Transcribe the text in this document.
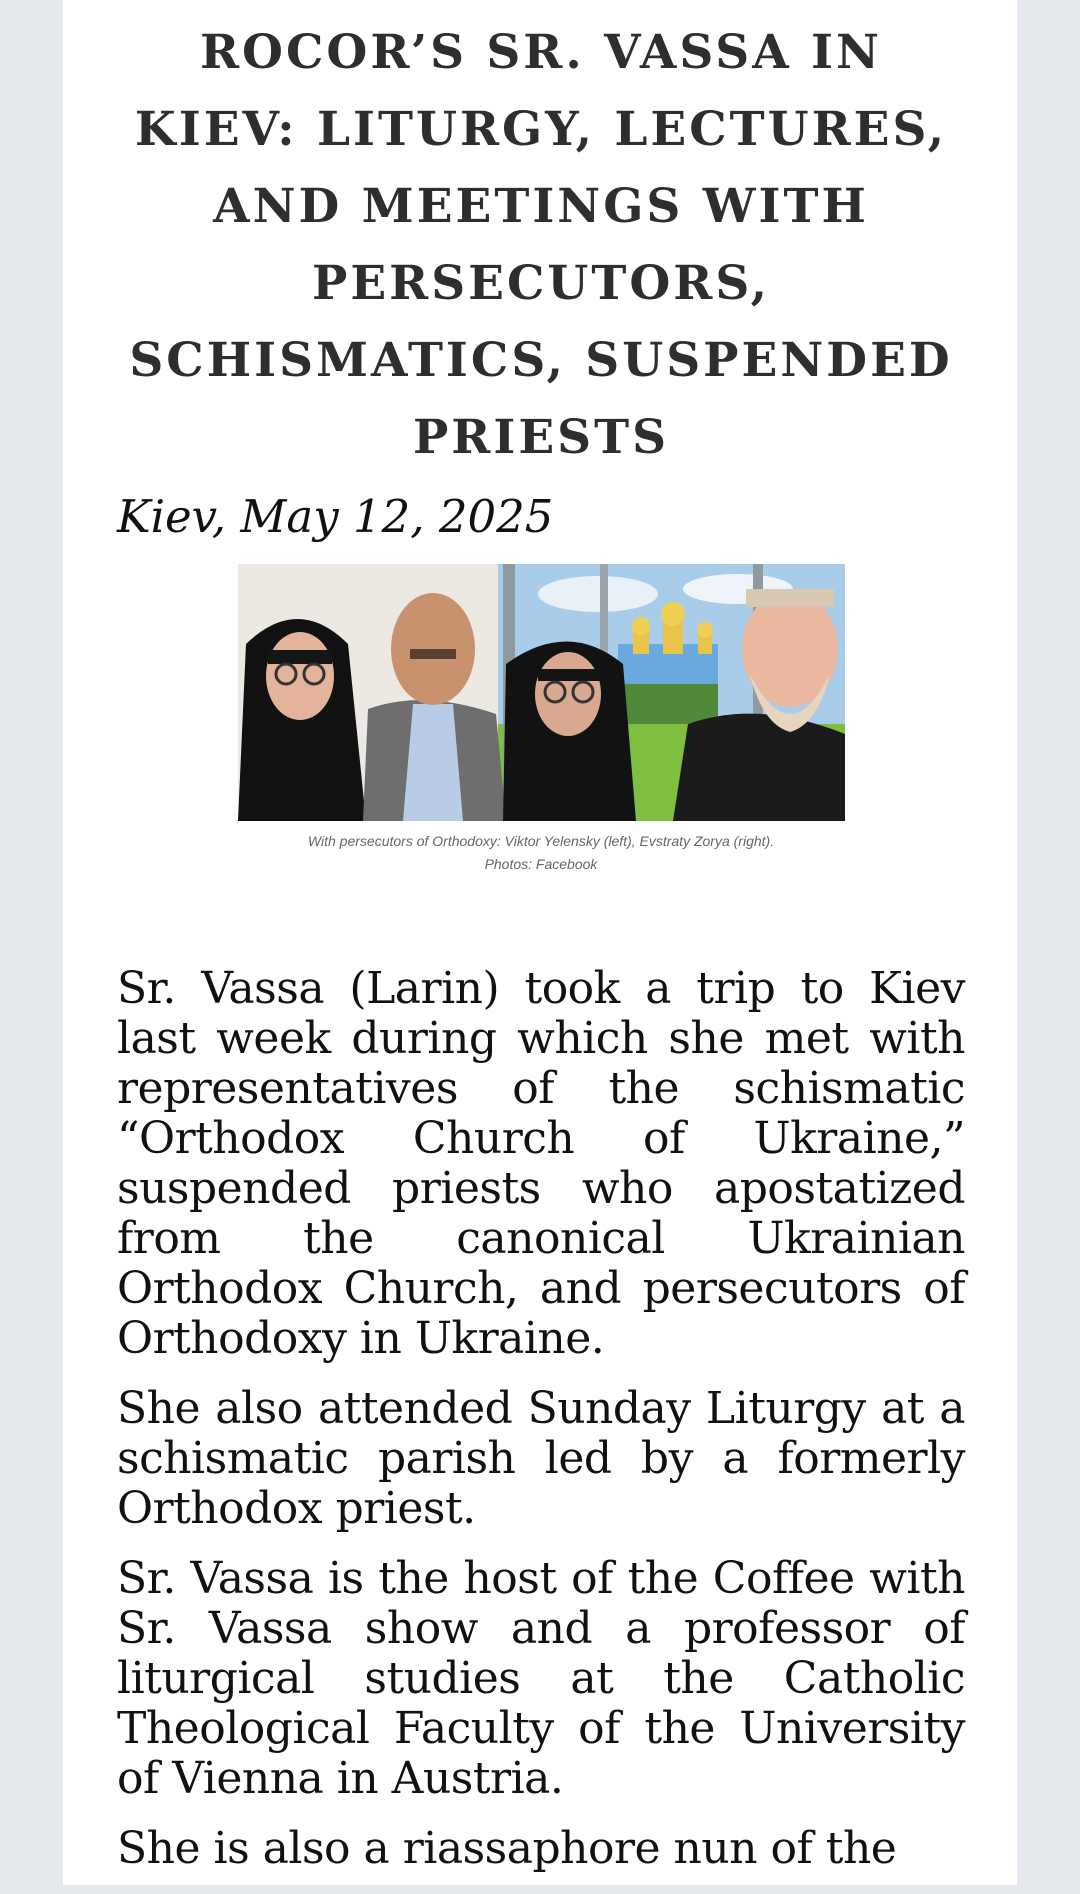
ROCOR’S SR. VASSA IN KIEV: LITURGY, LECTURES, AND MEETINGS WITH PERSECUTORS, SCHISMATICS, SUSPENDED PRIESTS
Kiev, May 12, 2025
With persecutors of Orthodoxy: Viktor Yelensky (left), Evstraty Zorya (right).
Photos: Facebook

Sr. Vassa (Larin) took a trip to Kiev last week during which she met with representatives of the schismatic “Orthodox Church of Ukraine,” suspended priests who apostatized from the canonical Ukrainian Orthodox Church, and persecutors of Orthodoxy in Ukraine.

She also attended Sunday Liturgy at a schismatic parish led by a formerly Orthodox priest.

Sr. Vassa is the host of the Coffee with Sr. Vassa show and a professor of liturgical studies at the Catholic Theological Faculty of the University of Vienna in Austria.

She is also a riassaphore nun of the
